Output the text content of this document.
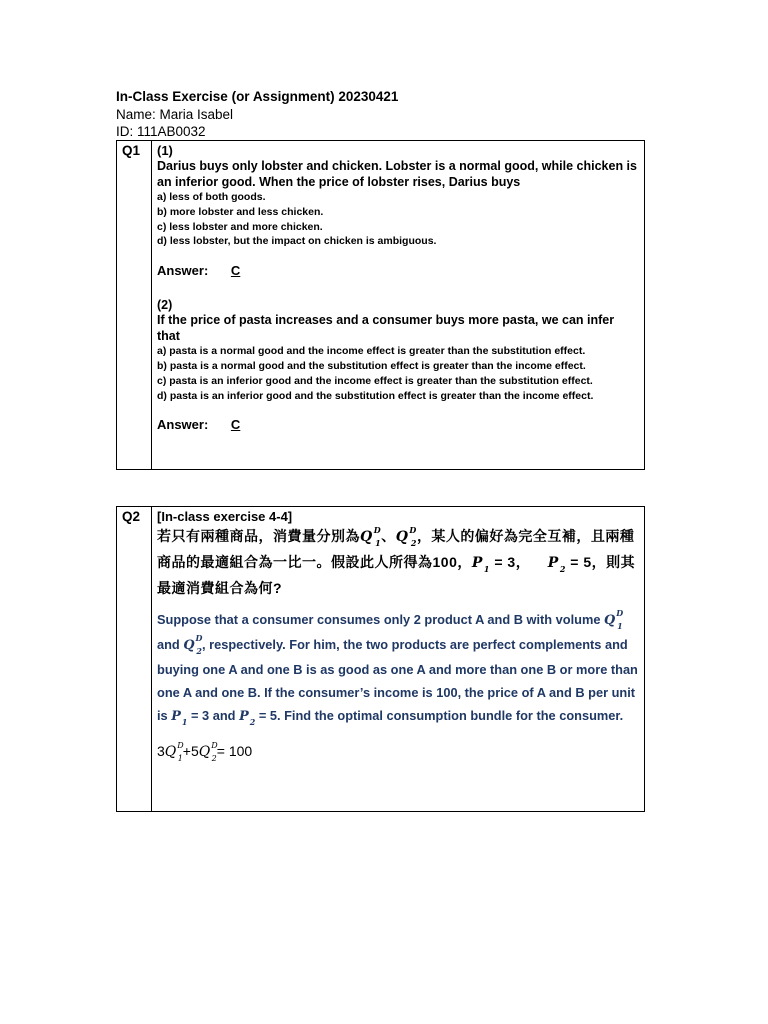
In-Class Exercise (or Assignment) 20230421
Name: Maria Isabel
ID: 111AB0032
Q1	(1)
Darius buys only lobster and chicken. Lobster is a normal good, while chicken is an inferior good. When the price of lobster rises, Darius buys
a) less of both goods.
b) more lobster and less chicken.
c) less lobster and more chicken.
d) less lobster, but the impact on chicken is ambiguous.
Answer: C
(2)
If the price of pasta increases and a consumer buys more pasta, we can infer that
a) pasta is a normal good and the income effect is greater than the substitution effect.
b) pasta is a normal good and the substitution effect is greater than the income effect.
c) pasta is an inferior good and the income effect is greater than the substitution effect.
d) pasta is an inferior good and the substitution effect is greater than the income effect.
Answer: C
Q2	[In-class exercise 4-4]
若只有兩種商品，消費量分別為$Q^D_1$、$Q^D_2$，某人的偏好為完全互補，且兩種
商品的最適組合為一比一。假設此人所得為100，$P_1 = 3$， $P_2 = 5$，則其
最適消費組合為何?
Suppose that a consumer consumes only 2 product A and B with volume $Q^D_1$ and $Q^D_2$, respectively. For him, the two products are perfect complements and buying one A and one B is as good as one A and more than one B or more than one A and one B. If the consumer’s income is 100, the price of A and B per unit is $P_1 = 3$ and $P_2 = 5$. Find the optimal consumption bundle for the consumer.
$3Q^D_1+5Q^D_2= 100$
